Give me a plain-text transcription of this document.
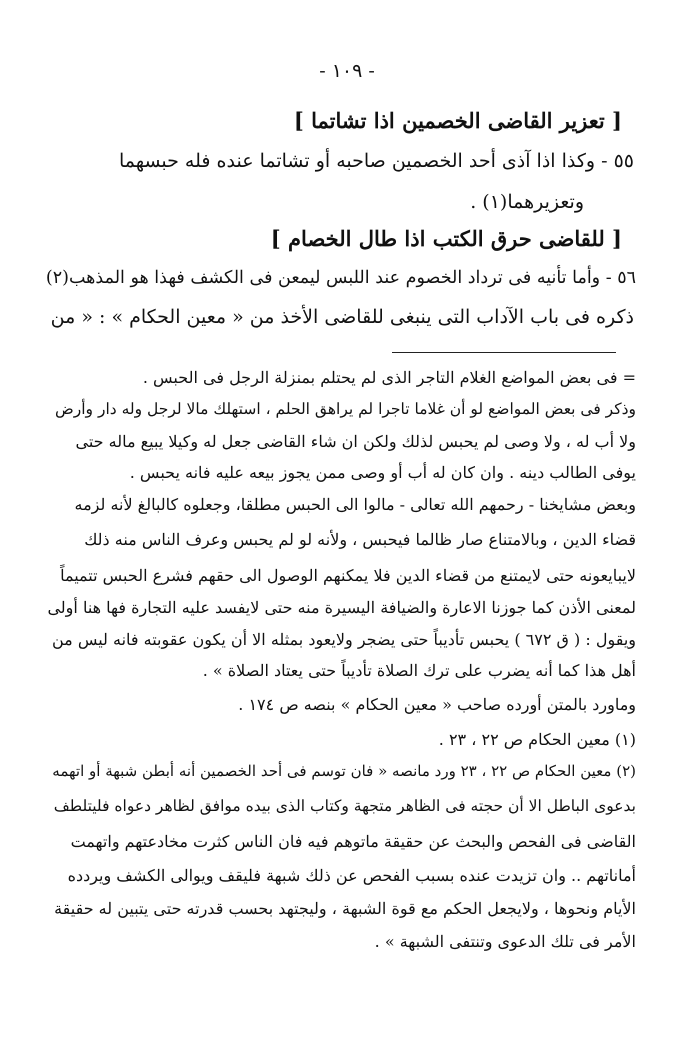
- ١٠٩ -
[ تعزير القاضى الخصمين اذا تشاتما ]
٥٥ - وكذا اذا آذى أحد الخصمين صاحبه أو تشاتما عنده فله حبسهما
وتعزيرهما(١) .
[ للقاضى حرق الكتب اذا طال الخصام ]
٥٦ - وأما تأنيه فى ترداد الخصوم عند اللبس ليمعن فى الكشف فهذا هو المذهب(٢)
ذكره فى باب الآداب التى ينبغى للقاضى الأخذ من « معين الحكام » : « من
= فى بعض المواضع الغلام التاجر الذى لم يحتلم بمنزلة الرجل فى الحبس .
وذكر فى بعض المواضع لو أن غلاما تاجرا لم يراهق الحلم ، استهلك مالا لرجل وله دار وأرض
ولا أب له ، ولا وصى لم يحبس لذلك ولكن ان شاء القاضى جعل له وكيلا يبيع ماله حتى
يوفى الطالب دينه . وان كان له أب أو وصى ممن يجوز بيعه عليه فانه يحبس .
وبعض مشايخنا - رحمهم الله تعالى - مالوا الى الحبس مطلقا، وجعلوه كالبالغ لأنه لزمه
قضاء الدين ، وبالامتناع صار ظالما فيحبس ، ولأنه لو لم يحبس وعرف الناس منه ذلك
لايبايعونه حتى لايمتنع من قضاء الدين فلا يمكنهم الوصول الى حقهم فشرع الحبس تتميماً
لمعنى الأذن كما جوزنا الاعارة والضيافة اليسيرة منه حتى لايفسد عليه التجارة فها هنا أولى
ويقول : ( ق ٦٧٢ ) يحبس تأديباً حتى يضجر ولايعود بمثله الا أن يكون عقوبته فانه ليس من
أهل هذا كما أنه يضرب على ترك الصلاة تأديباً حتى يعتاد الصلاة » .
وماورد بالمتن أورده صاحب « معين الحكام » بنصه ص ١٧٤ .
(١) معين الحكام ص ٢٢ ، ٢٣ .
(٢) معين الحكام ص ٢٢ ، ٢٣ ورد مانصه « فان توسم فى أحد الخصمين أنه أبطن شبهة أو اتهمه
بدعوى الباطل الا أن حجته فى الظاهر متجهة وكتاب الذى بيده موافق لظاهر دعواه فليتلطف
القاضى فى الفحص والبحث عن حقيقة ماتوهم فيه فان الناس كثرت مخادعتهم واتهمت
أماناتهم .. وان تزيدت عنده بسبب الفحص عن ذلك شبهة فليقف ويوالى الكشف ويردده
الأيام ونحوها ، ولايجعل الحكم مع قوة الشبهة ، وليجتهد بحسب قدرته حتى يتبين له حقيقة
الأمر فى تلك الدعوى وتنتفى الشبهة » .
